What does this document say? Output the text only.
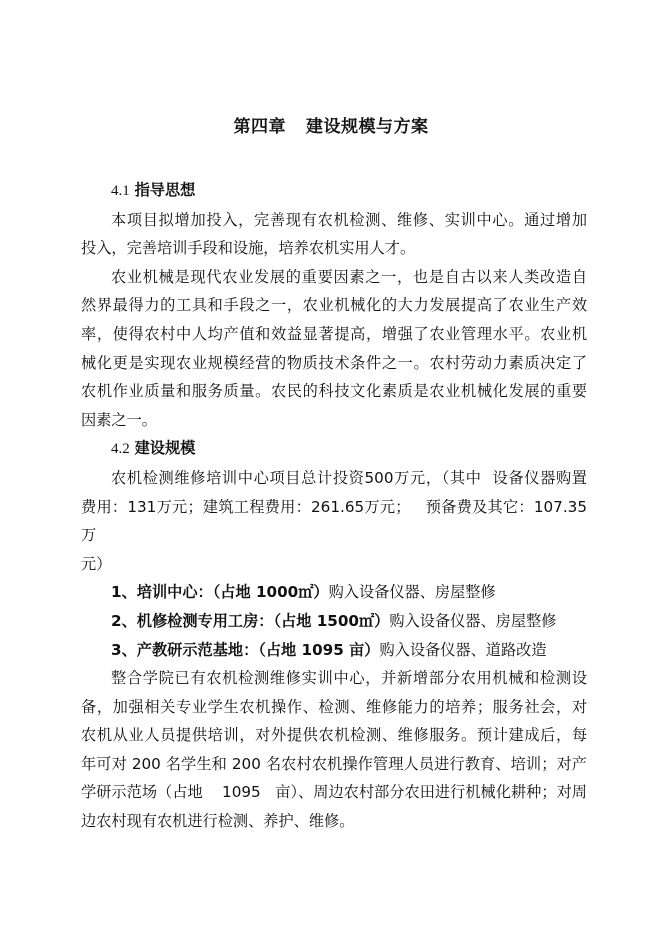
第四章 建设规模与方案

4.1 指导思想

本项目拟增加投入，完善现有农机检测、维修、实训中心。通过增加
投入，完善培训手段和设施，培养农机实用人才。

农业机械是现代农业发展的重要因素之一，也是自古以来人类改造自
然界最得力的工具和手段之一，农业机械化的大力发展提高了农业生产效
率，使得农村中人均产值和效益显著提高，增强了农业管理水平。农业机
械化更是实现农业规模经营的物质技术条件之一。农村劳动力素质决定了
农机作业质量和服务质量。农民的科技文化素质是农业机械化发展的重要
因素之一。

4.2 建设规模

农机检测维修培训中心项目总计投资500万元，（其中  设备仪器购置
费用：131万元；建筑工程费用：261.65万元；   预备费及其它：107.35万
元）

1、培训中心：（占地 1000㎡）购入设备仪器、房屋整修

2、机修检测专用工房：（占地 1500㎡）购入设备仪器、房屋整修

3、产教研示范基地：（占地 1095 亩）购入设备仪器、道路改造

整合学院已有农机检测维修实训中心，并新增部分农用机械和检测设
备，加强相关专业学生农机操作、检测、维修能力的培养；服务社会，对
农机从业人员提供培训，对外提供农机检测、维修服务。预计建成后，每
年可对 200 名学生和 200 名农村农机操作管理人员进行教育、培训；对产
学研示范场（占地    1095   亩）、周边农村部分农田进行机械化耕种；对周
边农村现有农机进行检测、养护、维修。
